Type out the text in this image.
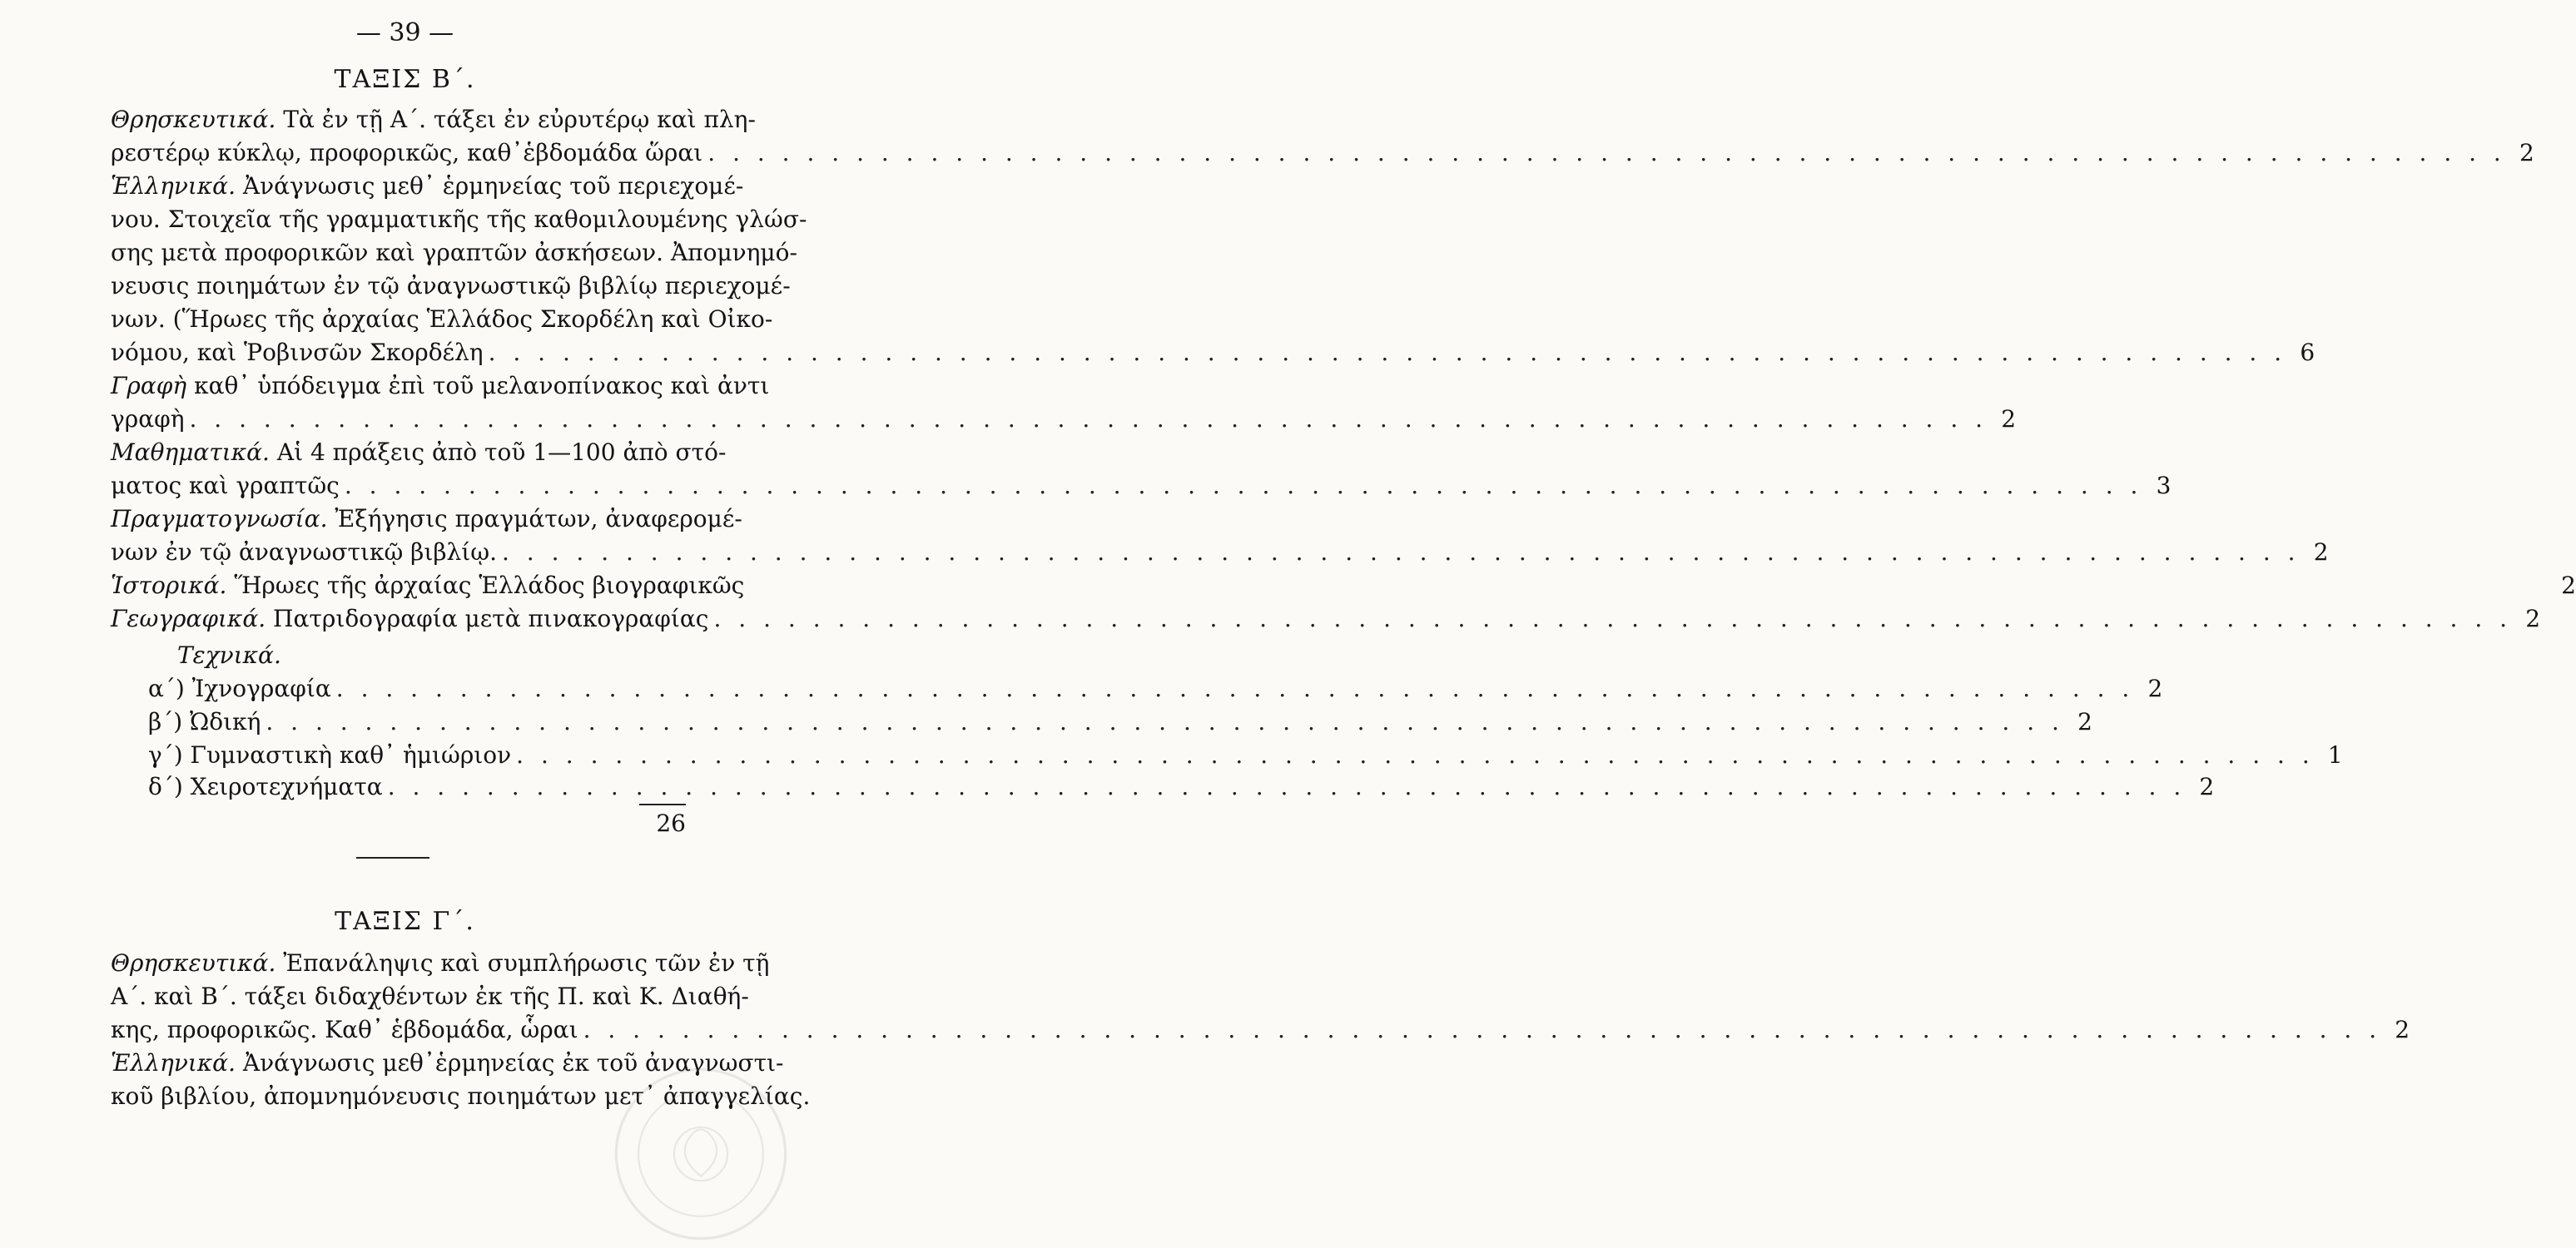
— 39 —
ΤΑΞΙΣ Β΄.
Θρησκευτικά. Τὰ ἐν τῇ Α΄. τάξει ἐν εὐρυτέρῳ καὶ πλη-
ρεστέρῳ κύκλῳ, προφορικῶς, καθ᾿ἑβδομάδα ὥραι . . .	2
Ἑλληνικά. Ἀνάγνωσις μεθ᾿ ἑρμηνείας τοῦ περιεχομέ-
νου. Στοιχεῖα τῆς γραμματικῆς τῆς καθομιλουμένης γλώσ-
σης μετὰ προφορικῶν καὶ γραπτῶν ἀσκήσεων. Ἀπομνημό-
νευσις ποιημάτων ἐν τῷ ἀναγνωστικῷ βιβλίῳ περιεχομέ-
νων. (Ἥρωες τῆς ἀρχαίας Ἑλλάδος Σκορδέλη καὶ Οἰκο-
νόμου, καὶ Ῥοβινσῶν Σκορδέλη . . .	6
Γραφὴ καθ᾿ ὑπόδειγμα ἐπὶ τοῦ μελανοπίνακος καὶ ἀντι
γραφὴ . . .	2
Μαθηματικά. Αἱ 4 πράξεις ἀπὸ τοῦ 1—100 ἀπὸ στό-
ματος καὶ γραπτῶς . . .	3
Πραγματογνωσία. Ἐξήγησις πραγμάτων, ἀναφερομέ-
νων ἐν τῷ ἀναγνωστικῷ βιβλίῳ. . . .	2
Ἱστορικά. Ἥρωες τῆς ἀρχαίας Ἑλλάδος βιογραφικῶς	2
Γεωγραφικά. Πατριδογραφία μετὰ πινακογραφίας . . .	2
Τεχνικά.
α΄) Ἰχνογραφία . . .	2
β΄) Ὠδική . . .	2
γ΄) Γυμναστικὴ καθ᾿ ἡμιώριον . . .	1
δ΄) Χειροτεχνήματα . . .	2
26
ΤΑΞΙΣ Γ΄.
Θρησκευτικά. Ἐπανάληψις καὶ συμπλήρωσις τῶν ἐν τῇ
Α΄. καὶ Β΄. τάξει διδαχθέντων ἐκ τῆς Π. καὶ Κ. Διαθή-
κης, προφορικῶς. Καθ᾿ ἑβδομάδα, ὧραι . . .	2
Ἑλληνικά. Ἀνάγνωσις μεθ᾿ἑρμηνείας ἐκ τοῦ ἀναγνωστι-
κοῦ βιβλίου, ἀπομνημόνευσις ποιημάτων μετ᾿ ἀπαγγελίας.
